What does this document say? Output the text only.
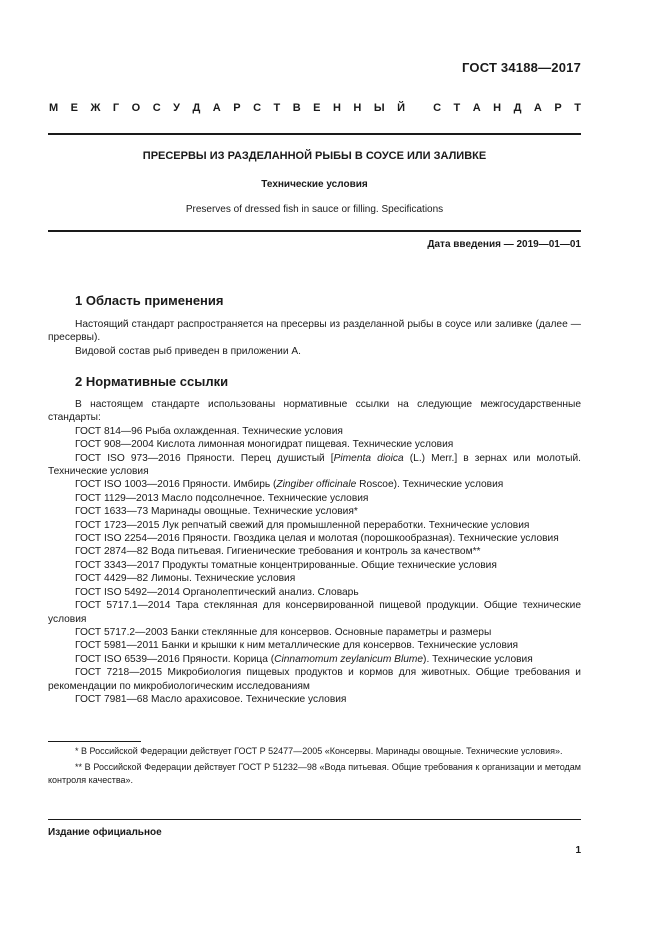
ГОСТ 34188—2017
М Е Ж Г О С У Д А Р С Т В Е Н Н Ы Й
	С Т А Н Д А Р Т
ПРЕСЕРВЫ ИЗ РАЗДЕЛАННОЙ РЫБЫ В СОУСЕ ИЛИ ЗАЛИВКЕ
Технические условия
Preserves of dressed fish in sauce or filling. Specifications
Дата введения — 2019—01—01
1 Область применения

Настоящий стандарт распространяется на пресервы из разделанной рыбы в соусе или заливке (далее — пресервы).

Видовой состав рыб приведен в приложении А.

2 Нормативные ссылки

В настоящем стандарте использованы нормативные ссылки на следующие межгосударственные стандарты:

ГОСТ 814—96 Рыба охлажденная. Технические условия

ГОСТ 908—2004 Кислота лимонная моногидрат пищевая. Технические условия

ГОСТ ISO 973—2016 Пряности. Перец душистый [Pimenta dioica (L.) Merr.] в зернах или молотый. Технические условия

ГОСТ ISO 1003—2016 Пряности. Имбирь (Zingiber officinale Roscoe). Технические условия

ГОСТ 1129—2013 Масло подсолнечное. Технические условия

ГОСТ 1633—73 Маринады овощные. Технические условия*

ГОСТ 1723—2015 Лук репчатый свежий для промышленной переработки. Технические условия

ГОСТ ISO 2254—2016 Пряности. Гвоздика целая и молотая (порошкообразная). Технические условия

ГОСТ 2874—82 Вода питьевая. Гигиенические требования и контроль за качеством**

ГОСТ 3343—2017 Продукты томатные концентрированные. Общие технические условия

ГОСТ 4429—82 Лимоны. Технические условия

ГОСТ ISO 5492—2014 Органолептический анализ. Словарь

ГОСТ 5717.1—2014 Тара стеклянная для консервированной пищевой продукции. Общие технические условия

ГОСТ 5717.2—2003 Банки стеклянные для консервов. Основные параметры и размеры

ГОСТ 5981—2011 Банки и крышки к ним металлические для консервов. Технические условия

ГОСТ ISO 6539—2016 Пряности. Корица (Cinnamomum zeylanicum Blume). Технические условия

ГОСТ 7218—2015 Микробиология пищевых продуктов и кормов для животных. Общие требования и рекомендации по микробиологическим исследованиям

ГОСТ 7981—68 Масло арахисовое. Технические условия

* В Российской Федерации действует ГОСТ Р 52477—2005 «Консервы. Маринады овощные. Технические условия».

** В Российской Федерации действует ГОСТ Р 51232—98 «Вода питьевая. Общие требования к организации и методам контроля качества».

Издание официальное
1
